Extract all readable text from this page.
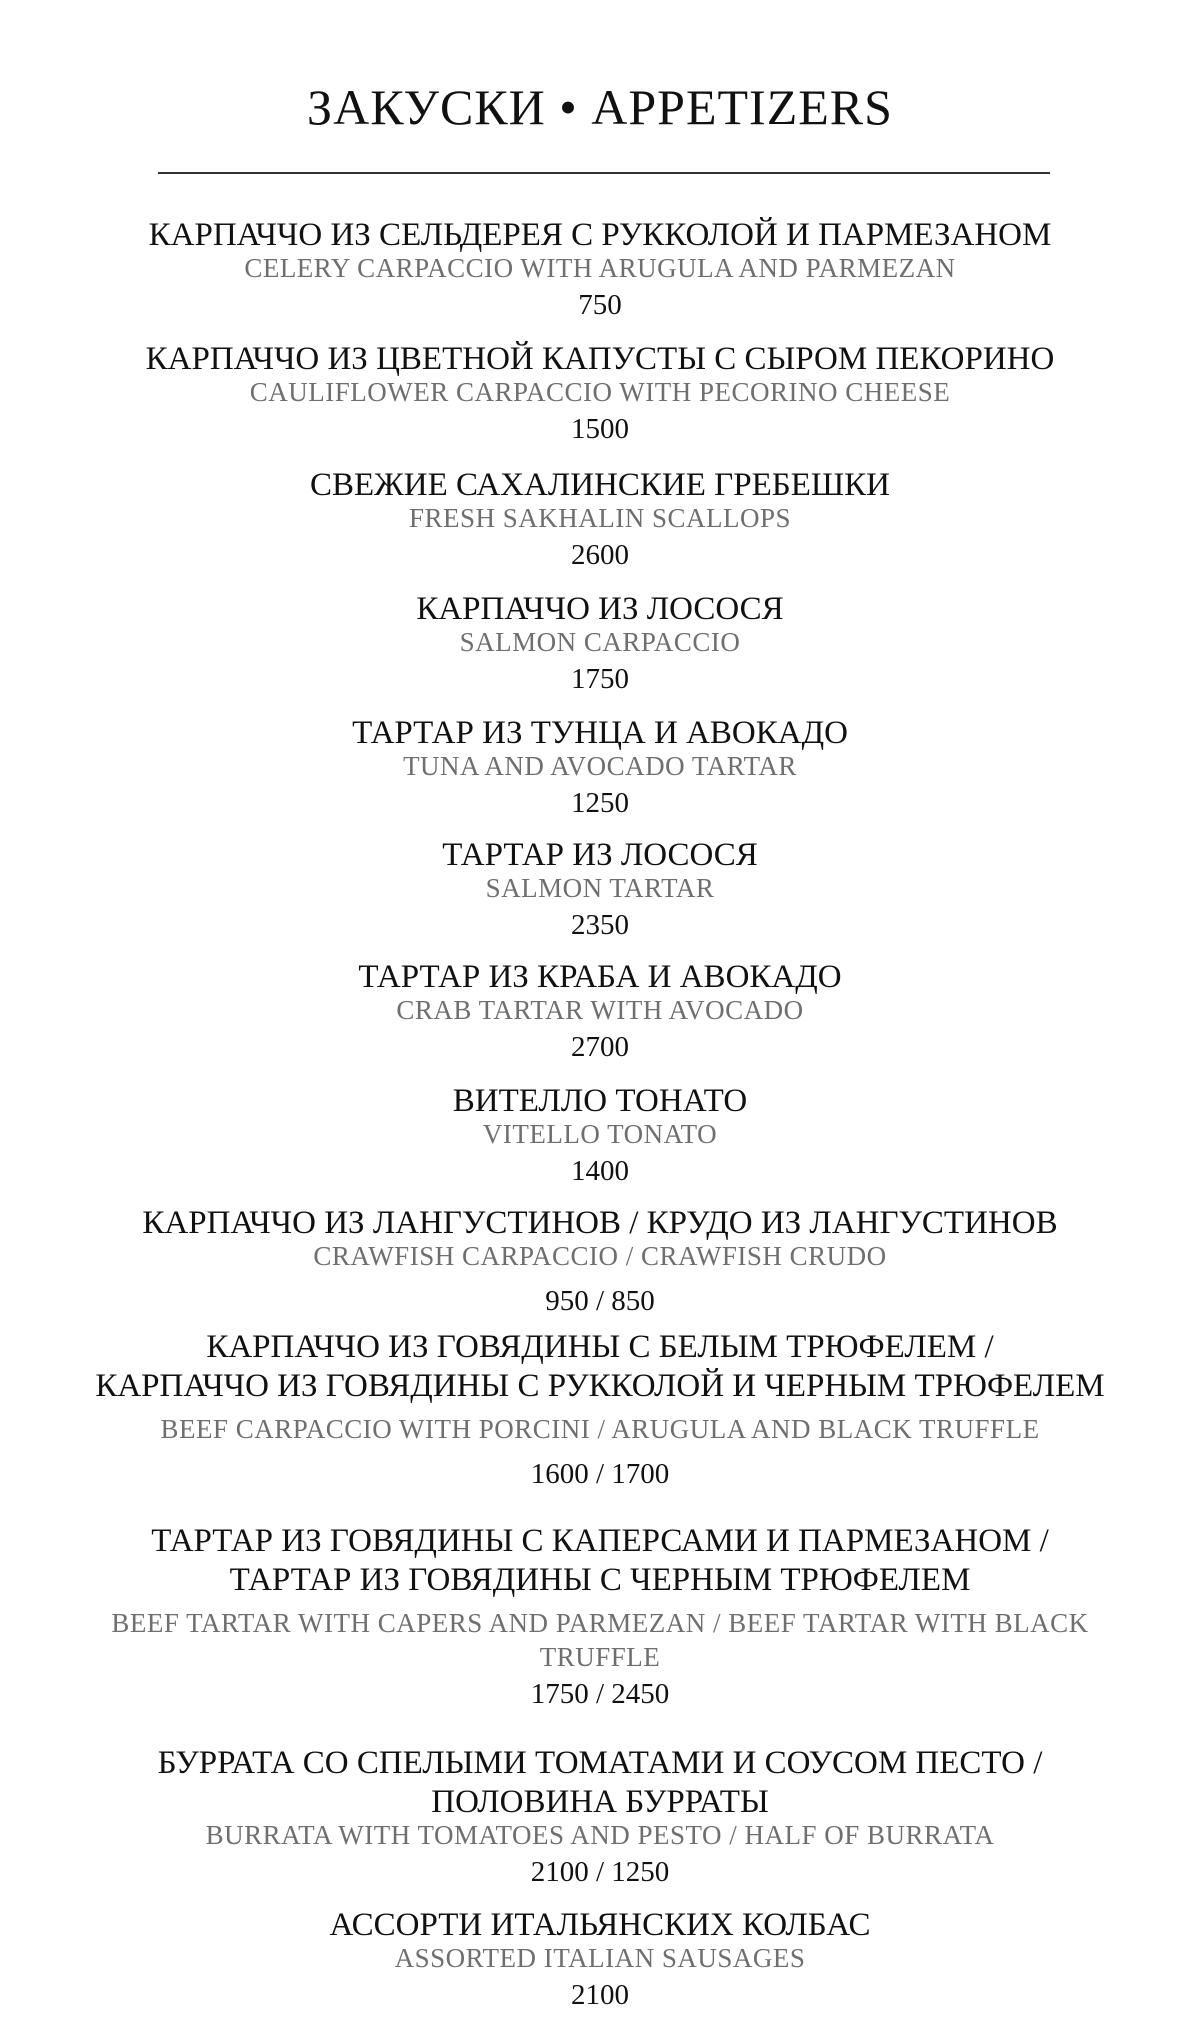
ЗАКУСКИ • APPETIZERS
КАРПАЧЧО ИЗ СЕЛЬДЕРЕЯ С РУККОЛОЙ И ПАРМЕЗАНОМ
CELERY CARPACCIO WITH ARUGULA AND PARMEZAN
750
КАРПАЧЧО ИЗ ЦВЕТНОЙ КАПУСТЫ С СЫРОМ ПЕКОРИНО
CAULIFLOWER CARPACCIO WITH PECORINO CHEESE
1500
СВЕЖИЕ САХАЛИНСКИЕ ГРЕБЕШКИ
FRESH SAKHALIN SCALLOPS
2600
КАРПАЧЧО ИЗ ЛОСОСЯ
SALMON CARPACCIO
1750
ТАРТАР ИЗ ТУНЦА И АВОКАДО
TUNA AND AVOCADO TARTAR
1250
ТАРТАР ИЗ ЛОСОСЯ
SALMON TARTAR
2350
ТАРТАР ИЗ КРАБА И АВОКАДО
CRAB TARTAR WITH AVOCADO
2700
ВИТЕЛЛО ТОНАТО
VITELLO TONATO
1400
КАРПАЧЧО ИЗ ЛАНГУСТИНОВ / КРУДО ИЗ ЛАНГУСТИНОВ
CRAWFISH CARPACCIO / CRAWFISH CRUDO
950 / 850
КАРПАЧЧО ИЗ ГОВЯДИНЫ С БЕЛЫМ ТРЮФЕЛЕМ /
КАРПАЧЧО ИЗ ГОВЯДИНЫ С РУККОЛОЙ И ЧЕРНЫМ ТРЮФЕЛЕМ
BEEF CARPACCIO WITH PORCINI / ARUGULA AND BLACK TRUFFLE
1600 / 1700
ТАРТАР ИЗ ГОВЯДИНЫ С КАПЕРСАМИ И ПАРМЕЗАНОМ /
ТАРТАР ИЗ ГОВЯДИНЫ С ЧЕРНЫМ ТРЮФЕЛЕМ
BEEF TARTAR WITH CAPERS AND PARMEZAN / BEEF TARTAR WITH BLACK
TRUFFLE
1750 / 2450
БУРРАТА СО СПЕЛЫМИ ТОМАТАМИ И СОУСОМ ПЕСТО /
ПОЛОВИНА БУРРАТЫ
BURRATA WITH TOMATOES AND PESTO / HALF OF BURRATA
2100 / 1250
АССОРТИ ИТАЛЬЯНСКИХ КОЛБАС
ASSORTED ITALIAN SAUSAGES
2100
